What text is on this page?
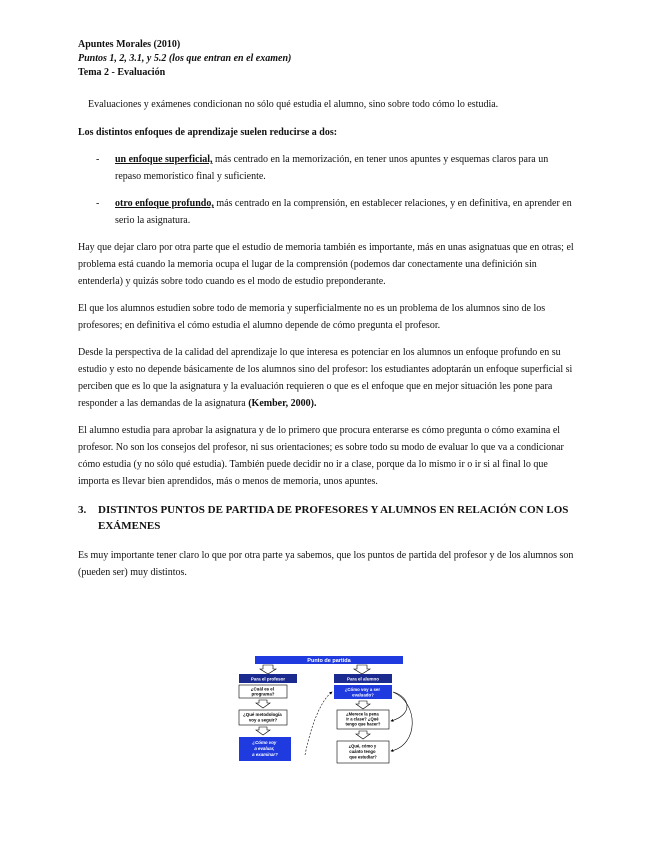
Apuntes Morales (2010)
Puntos 1, 2, 3.1, y 5.2 (los que entran en el examen)
Tema 2 - Evaluación

Evaluaciones y exámenes condicionan no sólo qué estudia el alumno, sino sobre todo cómo lo estudia.

Los distintos enfoques de aprendizaje suelen reducirse a dos:

- un enfoque superficial, más centrado en la memorización, en tener unos apuntes y esquemas claros para un repaso memorístico final y suficiente.

- otro enfoque profundo, más centrado en la comprensión, en establecer relaciones, y en definitiva, en aprender en serio la asignatura.

Hay que dejar claro por otra parte que el estudio de memoria también es importante, más en unas asignatuas que en otras; el problema está cuando la memoria ocupa el lugar de la comprensión (podemos dar conectamente una definición sin entenderla) y quizás sobre todo cuando es el modo de estudio preponderante.

El que los alumnos estudien sobre todo de memoria y superficialmente no es un problema de los alumnos sino de los profesores; en definitiva el cómo estudia el alumno depende de cómo pregunta el profesor.

Desde la perspectiva de la calidad del aprendizaje lo que interesa es potenciar en los alumnos un enfoque profundo en su estudio y esto no depende básicamente de los alumnos sino del profesor: los estudiantes adoptarán un enfoque superficial si perciben que es lo que la asignatura y la evaluación requieren o que es el enfoque que en mejor situación les pone para responder a las demandas de la asignatura (Kember, 2000).

El alumno estudia para aprobar la asignatura y de lo primero que procura enterarse es cómo pregunta o cómo examina el profesor. No son los consejos del profesor, ni sus orientaciones; es sobre todo su modo de evaluar lo que va a condicionar cómo estudia (y no sólo qué estudia). También puede decidir no ir a clase, porque da lo mismo ir o ir si al final lo que importa es llevar bien aprendidos, más o menos de memoria, unos apuntes.

3. DISTINTOS PUNTOS DE PARTIDA DE PROFESORES Y ALUMNOS EN RELACIÓN CON LOS EXÁMENES

Es muy importante tener claro lo que por otra parte ya sabemos, que los puntos de partida del profesor y de los alumnos son (pueden ser) muy distintos.

Punto de partida
Para el profesor	Para el alumno
¿Cuál es el programa?
¿Qué metodología voy a seguir?
¿Cómo voy a evaluar, a examinar?
¿Cómo voy a ser evaluado?
¿Merece la pena ir a clase? ¿Qué tengo que hacer?
¿Qué, cómo y cuánto tengo que estudiar?
